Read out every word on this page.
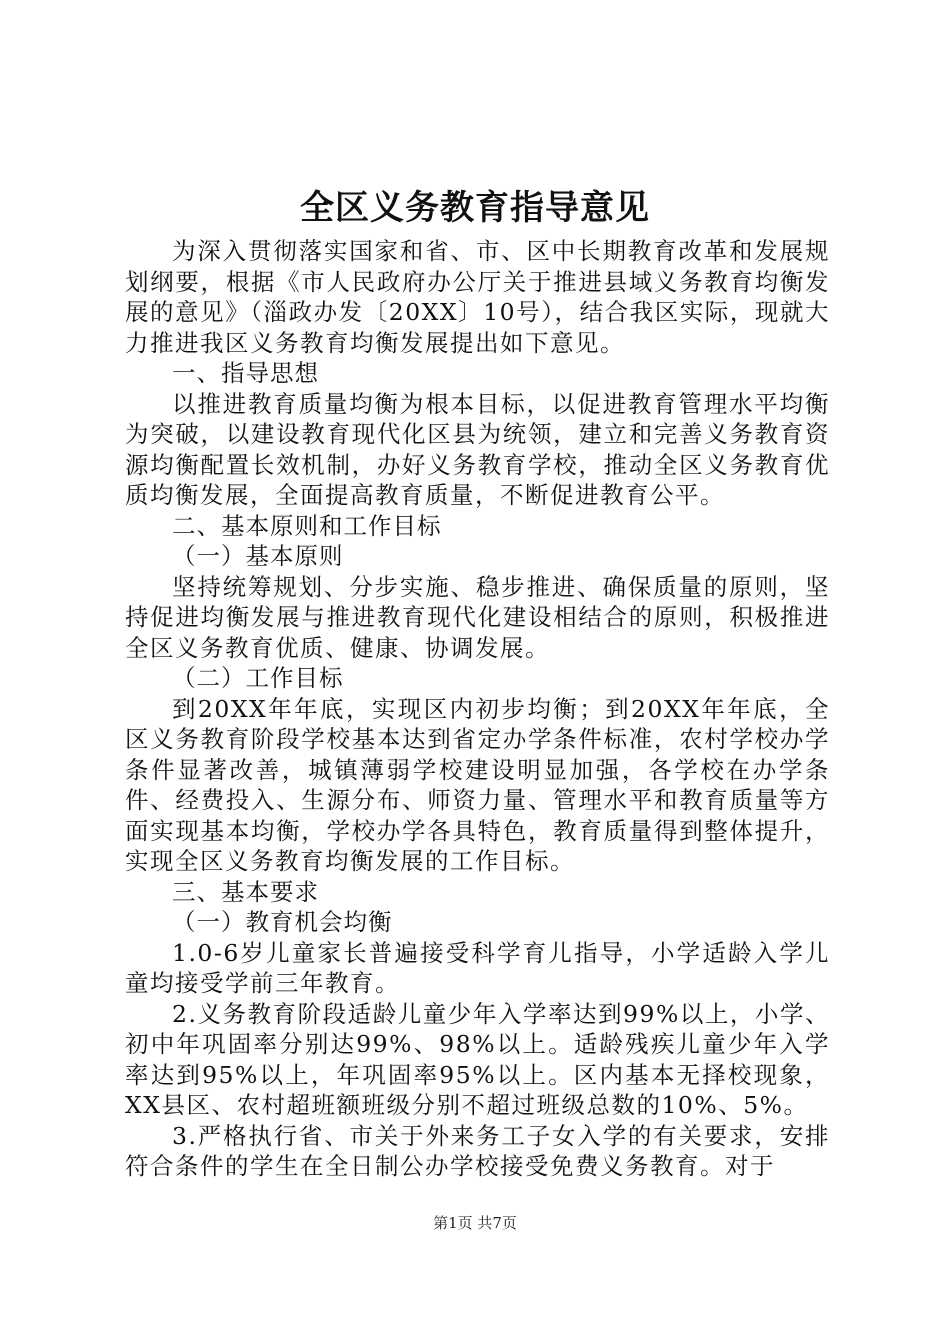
全区义务教育指导意见

为深入贯彻落实国家和省、市、区中长期教育改革和发展规划纲要，根据《市人民政府办公厅关于推进县域义务教育均衡发展的意见》（淄政办发〔20XX〕10号），结合我区实际，现就大力推进我区义务教育均衡发展提出如下意见。

一、指导思想

以推进教育质量均衡为根本目标，以促进教育管理水平均衡为突破，以建设教育现代化区县为统领，建立和完善义务教育资源均衡配置长效机制，办好义务教育学校，推动全区义务教育优质均衡发展，全面提高教育质量，不断促进教育公平。

二、基本原则和工作目标

（一）基本原则

坚持统筹规划、分步实施、稳步推进、确保质量的原则，坚持促进均衡发展与推进教育现代化建设相结合的原则，积极推进全区义务教育优质、健康、协调发展。

（二）工作目标

到20XX年年底，实现区内初步均衡；到20XX年年底，全区义务教育阶段学校基本达到省定办学条件标准，农村学校办学条件显著改善，城镇薄弱学校建设明显加强，各学校在办学条件、经费投入、生源分布、师资力量、管理水平和教育质量等方面实现基本均衡，学校办学各具特色，教育质量得到整体提升，实现全区义务教育均衡发展的工作目标。

三、基本要求

（一）教育机会均衡

1.0-6岁儿童家长普遍接受科学育儿指导，小学适龄入学儿童均接受学前三年教育。

2.义务教育阶段适龄儿童少年入学率达到99%以上，小学、初中年巩固率分别达99%、98%以上。适龄残疾儿童少年入学率达到95%以上，年巩固率95%以上。区内基本无择校现象，XX县区、农村超班额班级分别不超过班级总数的10%、5%。

3.严格执行省、市关于外来务工子女入学的有关要求，安排符合条件的学生在全日制公办学校接受免费义务教育。对于

第1页 共7页
